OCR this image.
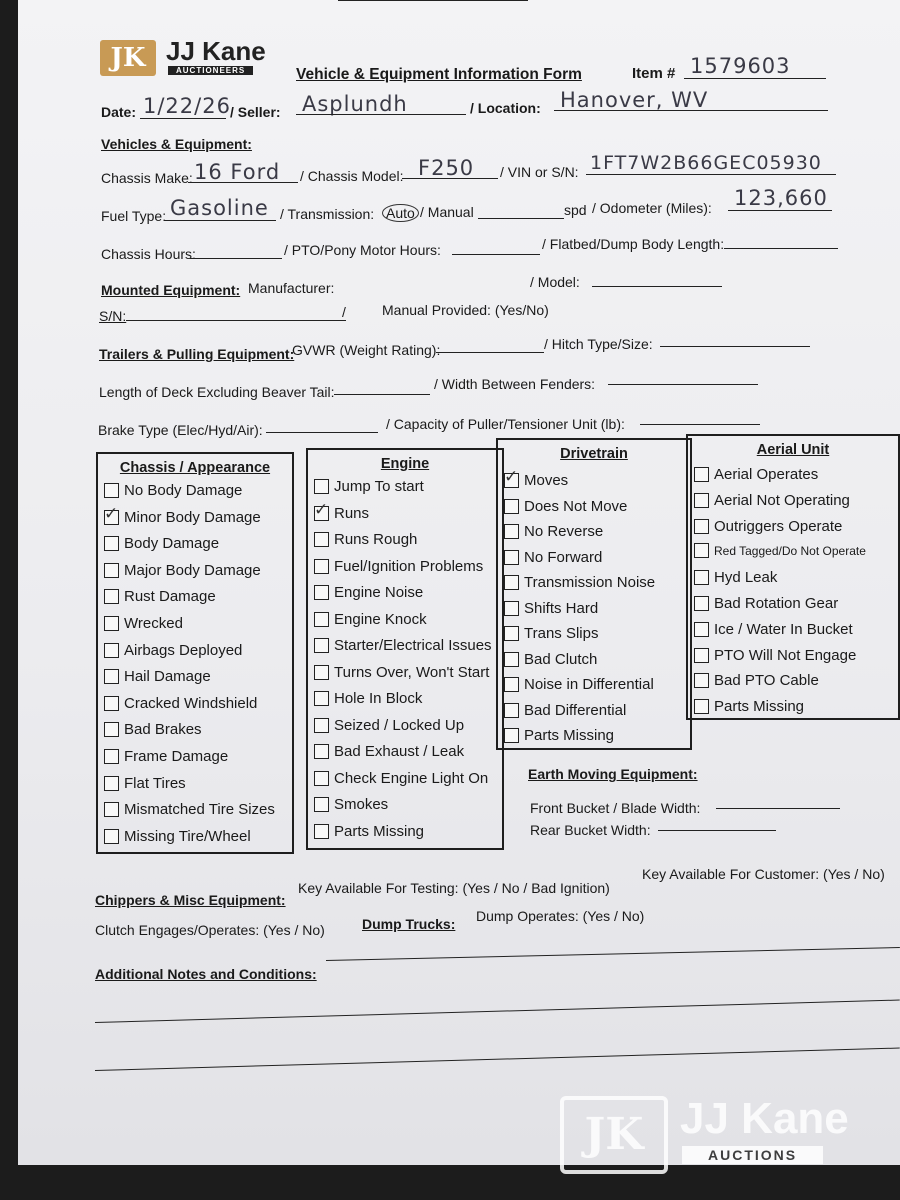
JK JJ Kane
AUCTIONEERS	Vehicle & Equipment Information Form	Item # 1579603
Date: 1/22/26 / Seller: Asplundh	/ Location: Hanover, WV
Vehicles & Equipment:
Chassis Make: 16 Ford / Chassis Model: F250 / VIN or S/N: 1FT7W2B66GEC05930
Fuel Type: Gasoline / Transmission: Auto / Manual	spd / Odometer (Miles): 123,660
Chassis Hours:	/ PTO/Pony Motor Hours:	/ Flatbed/Dump Body Length:
Mounted Equipment: Manufacturer:	/ Model:
S/N:	/	Manual Provided: (Yes/No)
Trailers & Pulling Equipment:
GVWR (Weight Rating):	/ Hitch Type/Size:
Length of Deck Excluding Beaver Tail:	/ Width Between Fenders:
Brake Type (Elec/Hyd/Air):	/ Capacity of Puller/Tensioner Unit (lb):
Chassis / Appearance
No Body Damage
✓
Minor Body Damage
Body Damage
Major Body Damage
Rust Damage
Wrecked
Airbags Deployed
Hail Damage
Cracked Windshield
Bad Brakes
Frame Damage
Flat Tires
Mismatched Tire Sizes
Missing Tire/Wheel
Engine
Jump To start
✓
Runs
Runs Rough
Fuel/Ignition Problems
Engine Noise
Engine Knock
Starter/Electrical Issues
Turns Over, Won't Start
Hole In Block
Seized / Locked Up
Bad Exhaust / Leak
Check Engine Light On
Smokes
Parts Missing
Drivetrain
✓
Moves
Does Not Move
No Reverse
No Forward
Transmission Noise
Shifts Hard
Trans Slips
Bad Clutch
Noise in Differential
Bad Differential
Parts Missing
Aerial Unit
Aerial Operates
Aerial Not Operating
Outriggers Operate
Red Tagged/Do Not Operate
Hyd Leak
Bad Rotation Gear
Ice / Water In Bucket
PTO Will Not Engage
Bad PTO Cable
Parts Missing
Earth Moving Equipment:
Front Bucket / Blade Width:
Rear Bucket Width:
Chippers & Misc Equipment:
Key Available For Testing: (Yes / No / Bad Ignition)
Key Available For Customer: (Yes / No)
Clutch Engages/Operates: (Yes / No)	Dump Trucks: Dump Operates: (Yes / No)
Additional Notes and Conditions:
JK JJ Kane
AUCTIONS
